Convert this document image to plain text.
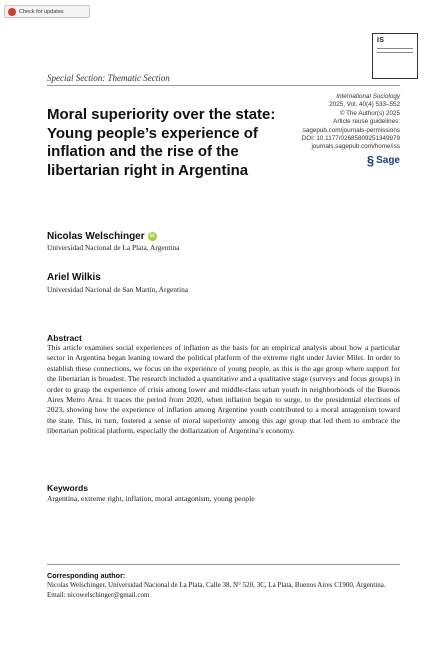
Check for updates
IS
Special Section: Thematic Section
Moral superiority over the state: Young people’s experience of inflation and the rise of the libertarian right in Argentina
International Sociology
2025, Vol. 40(4) 533–552
© The Author(s) 2025
Article reuse guidelines:
sagepub.com/journals-permissions
DOI: 10.1177/02685809251349979
journals.sagepub.com/home/iss
§ Sage
Nicolas Welschinger	iD
Universidad Nacional de La Plata, Argentina
Ariel Wilkis
Universidad Nacional de San Martín, Argentina
Abstract
This article examines social experiences of inflation as the basis for an empirical analysis about how a particular sector in Argentina began leaning toward the political platform of the extreme right under Javier Milei. In order to establish these connections, we focus on the experience of young people, as this is the age group where support for the libertarian is broadest. The research included a quantitative and a qualitative stage (surveys and focus groups) in order to grasp the experience of crisis among lower and middle-class urban youth in neighborhoods of the Buenos Aires Metro Area. It traces the period from 2020, when inflation began to surge, to the presidential elections of 2023, showing how the experience of inflation among Argentine youth contributed to a moral antagonism toward the state. This, in turn, fostered a sense of moral superiority among this age group that led them to embrace the libertarian political platform, especially the dollarization of Argentina’s economy.
Keywords
Argentina, extreme right, inflation, moral antagonism, young people
Corresponding author:
Nicolas Welschinger, Universidad Nacional de La Plata, Calle 38, N° 520, 3C, La Plata, Buenos Aires C1900, Argentina.
Email: nicowelschinger@gmail.com
